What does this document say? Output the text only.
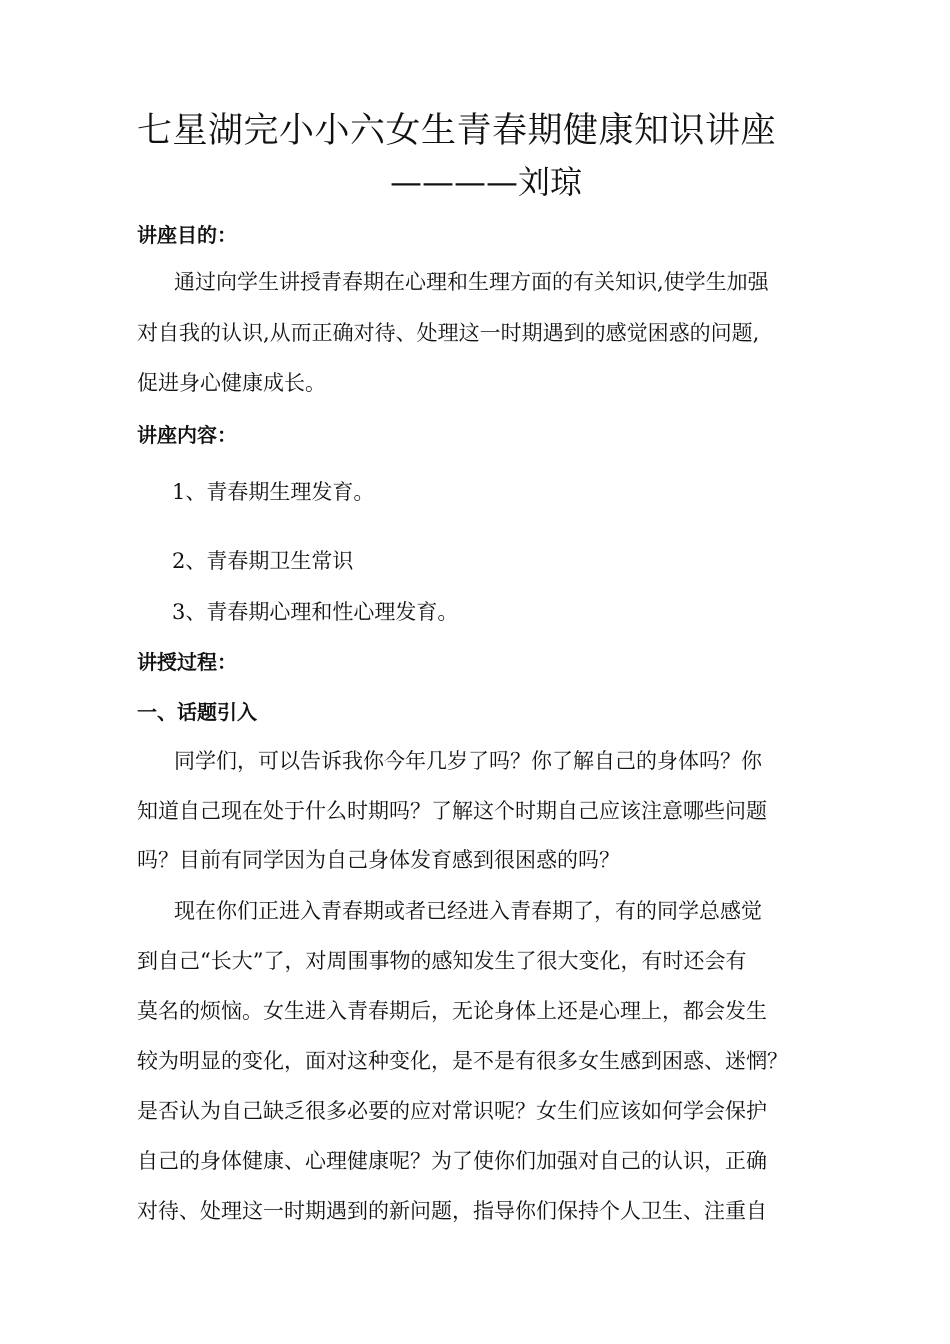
七星湖完小小六女生青春期健康知识讲座
————刘琼
讲座目的：
通过向学生讲授青春期在心理和生理方面的有关知识,使学生加强
对自我的认识,从而正确对待、处理这一时期遇到的感觉困惑的问题,
促进身心健康成长。
讲座内容：
1、青春期生理发育。
2、青春期卫生常识
3、青春期心理和性心理发育。
讲授过程：
一、话题引入
同学们，可以告诉我你今年几岁了吗？你了解自己的身体吗？你
知道自己现在处于什么时期吗？了解这个时期自己应该注意哪些问题
吗？目前有同学因为自己身体发育感到很困惑的吗？
现在你们正进入青春期或者已经进入青春期了，有的同学总感觉
到自己“长大”了，对周围事物的感知发生了很大变化，有时还会有
莫名的烦恼。女生进入青春期后，无论身体上还是心理上，都会发生
较为明显的变化，面对这种变化，是不是有很多女生感到困惑、迷惘？
是否认为自己缺乏很多必要的应对常识呢？女生们应该如何学会保护
自己的身体健康、心理健康呢？为了使你们加强对自己的认识，正确
对待、处理这一时期遇到的新问题，指导你们保持个人卫生、注重自
